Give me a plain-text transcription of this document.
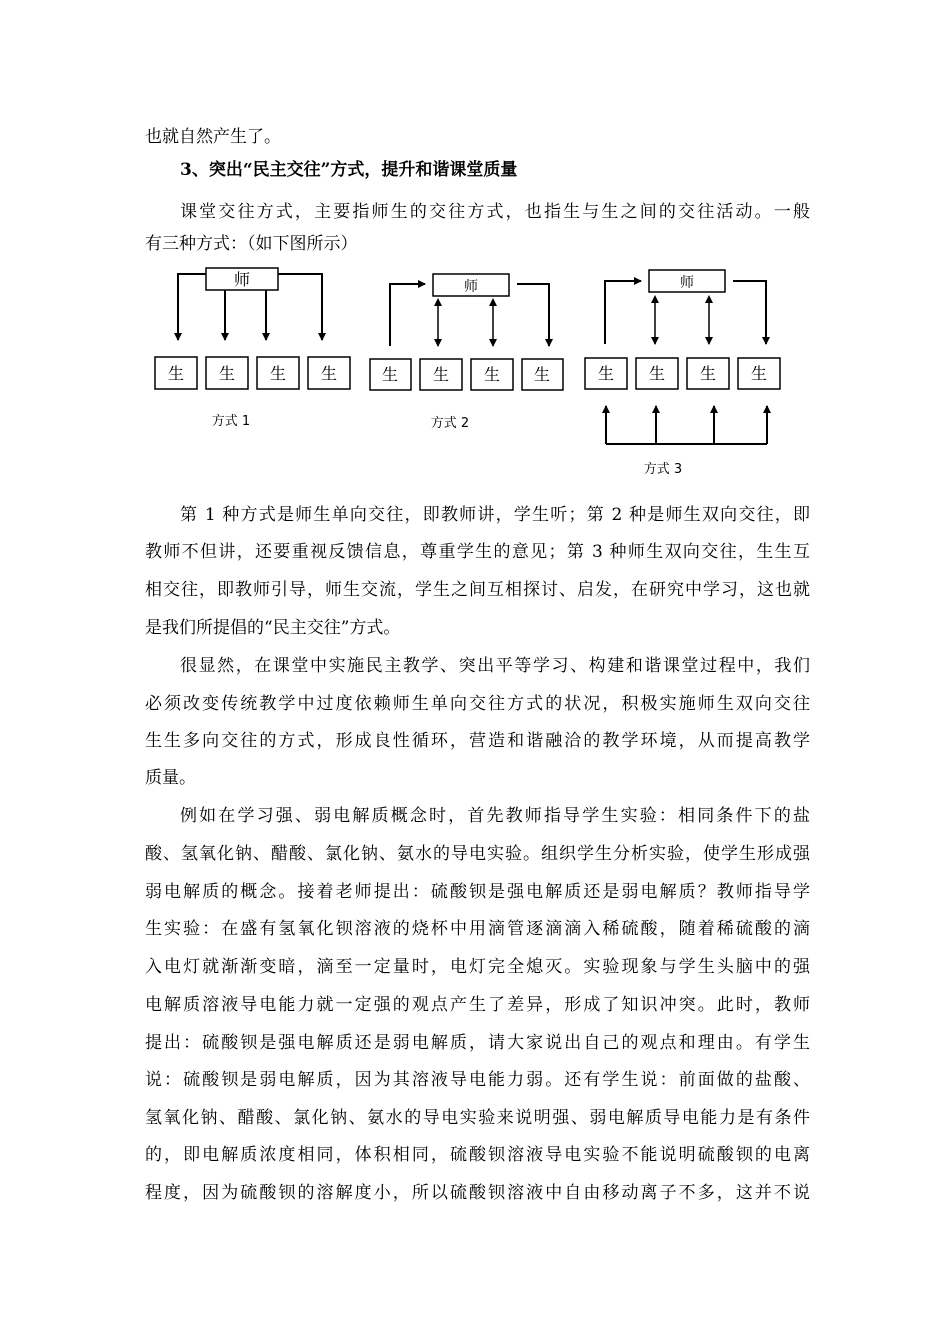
也就自然产生了。
3、突出“民主交往”方式，提升和谐课堂质量
课堂交往方式，主要指师生的交往方式，也指生与生之间的交往活动。一般
有三种方式：（如下图所示）
师
生 生 生 生
方式 1
师
生 生 生 生
方式 2
师
生 生 生 生
方式 3
第 1 种方式是师生单向交往，即教师讲，学生听；第 2 种是师生双向交往，即
教师不但讲，还要重视反馈信息，尊重学生的意见；第 3 种师生双向交往，生生互
相交往，即教师引导，师生交流，学生之间互相探讨、启发，在研究中学习，这也就
是我们所提倡的“民主交往”方式。
很显然，在课堂中实施民主教学、突出平等学习、构建和谐课堂过程中，我们
必须改变传统教学中过度依赖师生单向交往方式的状况，积极实施师生双向交往
生生多向交往的方式，形成良性循环，营造和谐融洽的教学环境，从而提高教学
质量。
例如在学习强、弱电解质概念时，首先教师指导学生实验：相同条件下的盐
酸、氢氧化钠、醋酸、氯化钠、氨水的导电实验。组织学生分析实验，使学生形成强
弱电解质的概念。接着老师提出：硫酸钡是强电解质还是弱电解质？教师指导学
生实验：在盛有氢氧化钡溶液的烧杯中用滴管逐滴滴入稀硫酸，随着稀硫酸的滴
入电灯就渐渐变暗，滴至一定量时，电灯完全熄灭。实验现象与学生头脑中的强
电解质溶液导电能力就一定强的观点产生了差异，形成了知识冲突。此时，教师
提出：硫酸钡是强电解质还是弱电解质，请大家说出自己的观点和理由。有学生
说：硫酸钡是弱电解质，因为其溶液导电能力弱。还有学生说：前面做的盐酸、
氢氧化钠、醋酸、氯化钠、氨水的导电实验来说明强、弱电解质导电能力是有条件
的，即电解质浓度相同，体积相同，硫酸钡溶液导电实验不能说明硫酸钡的电离
程度，因为硫酸钡的溶解度小，所以硫酸钡溶液中自由移动离子不多，这并不说
